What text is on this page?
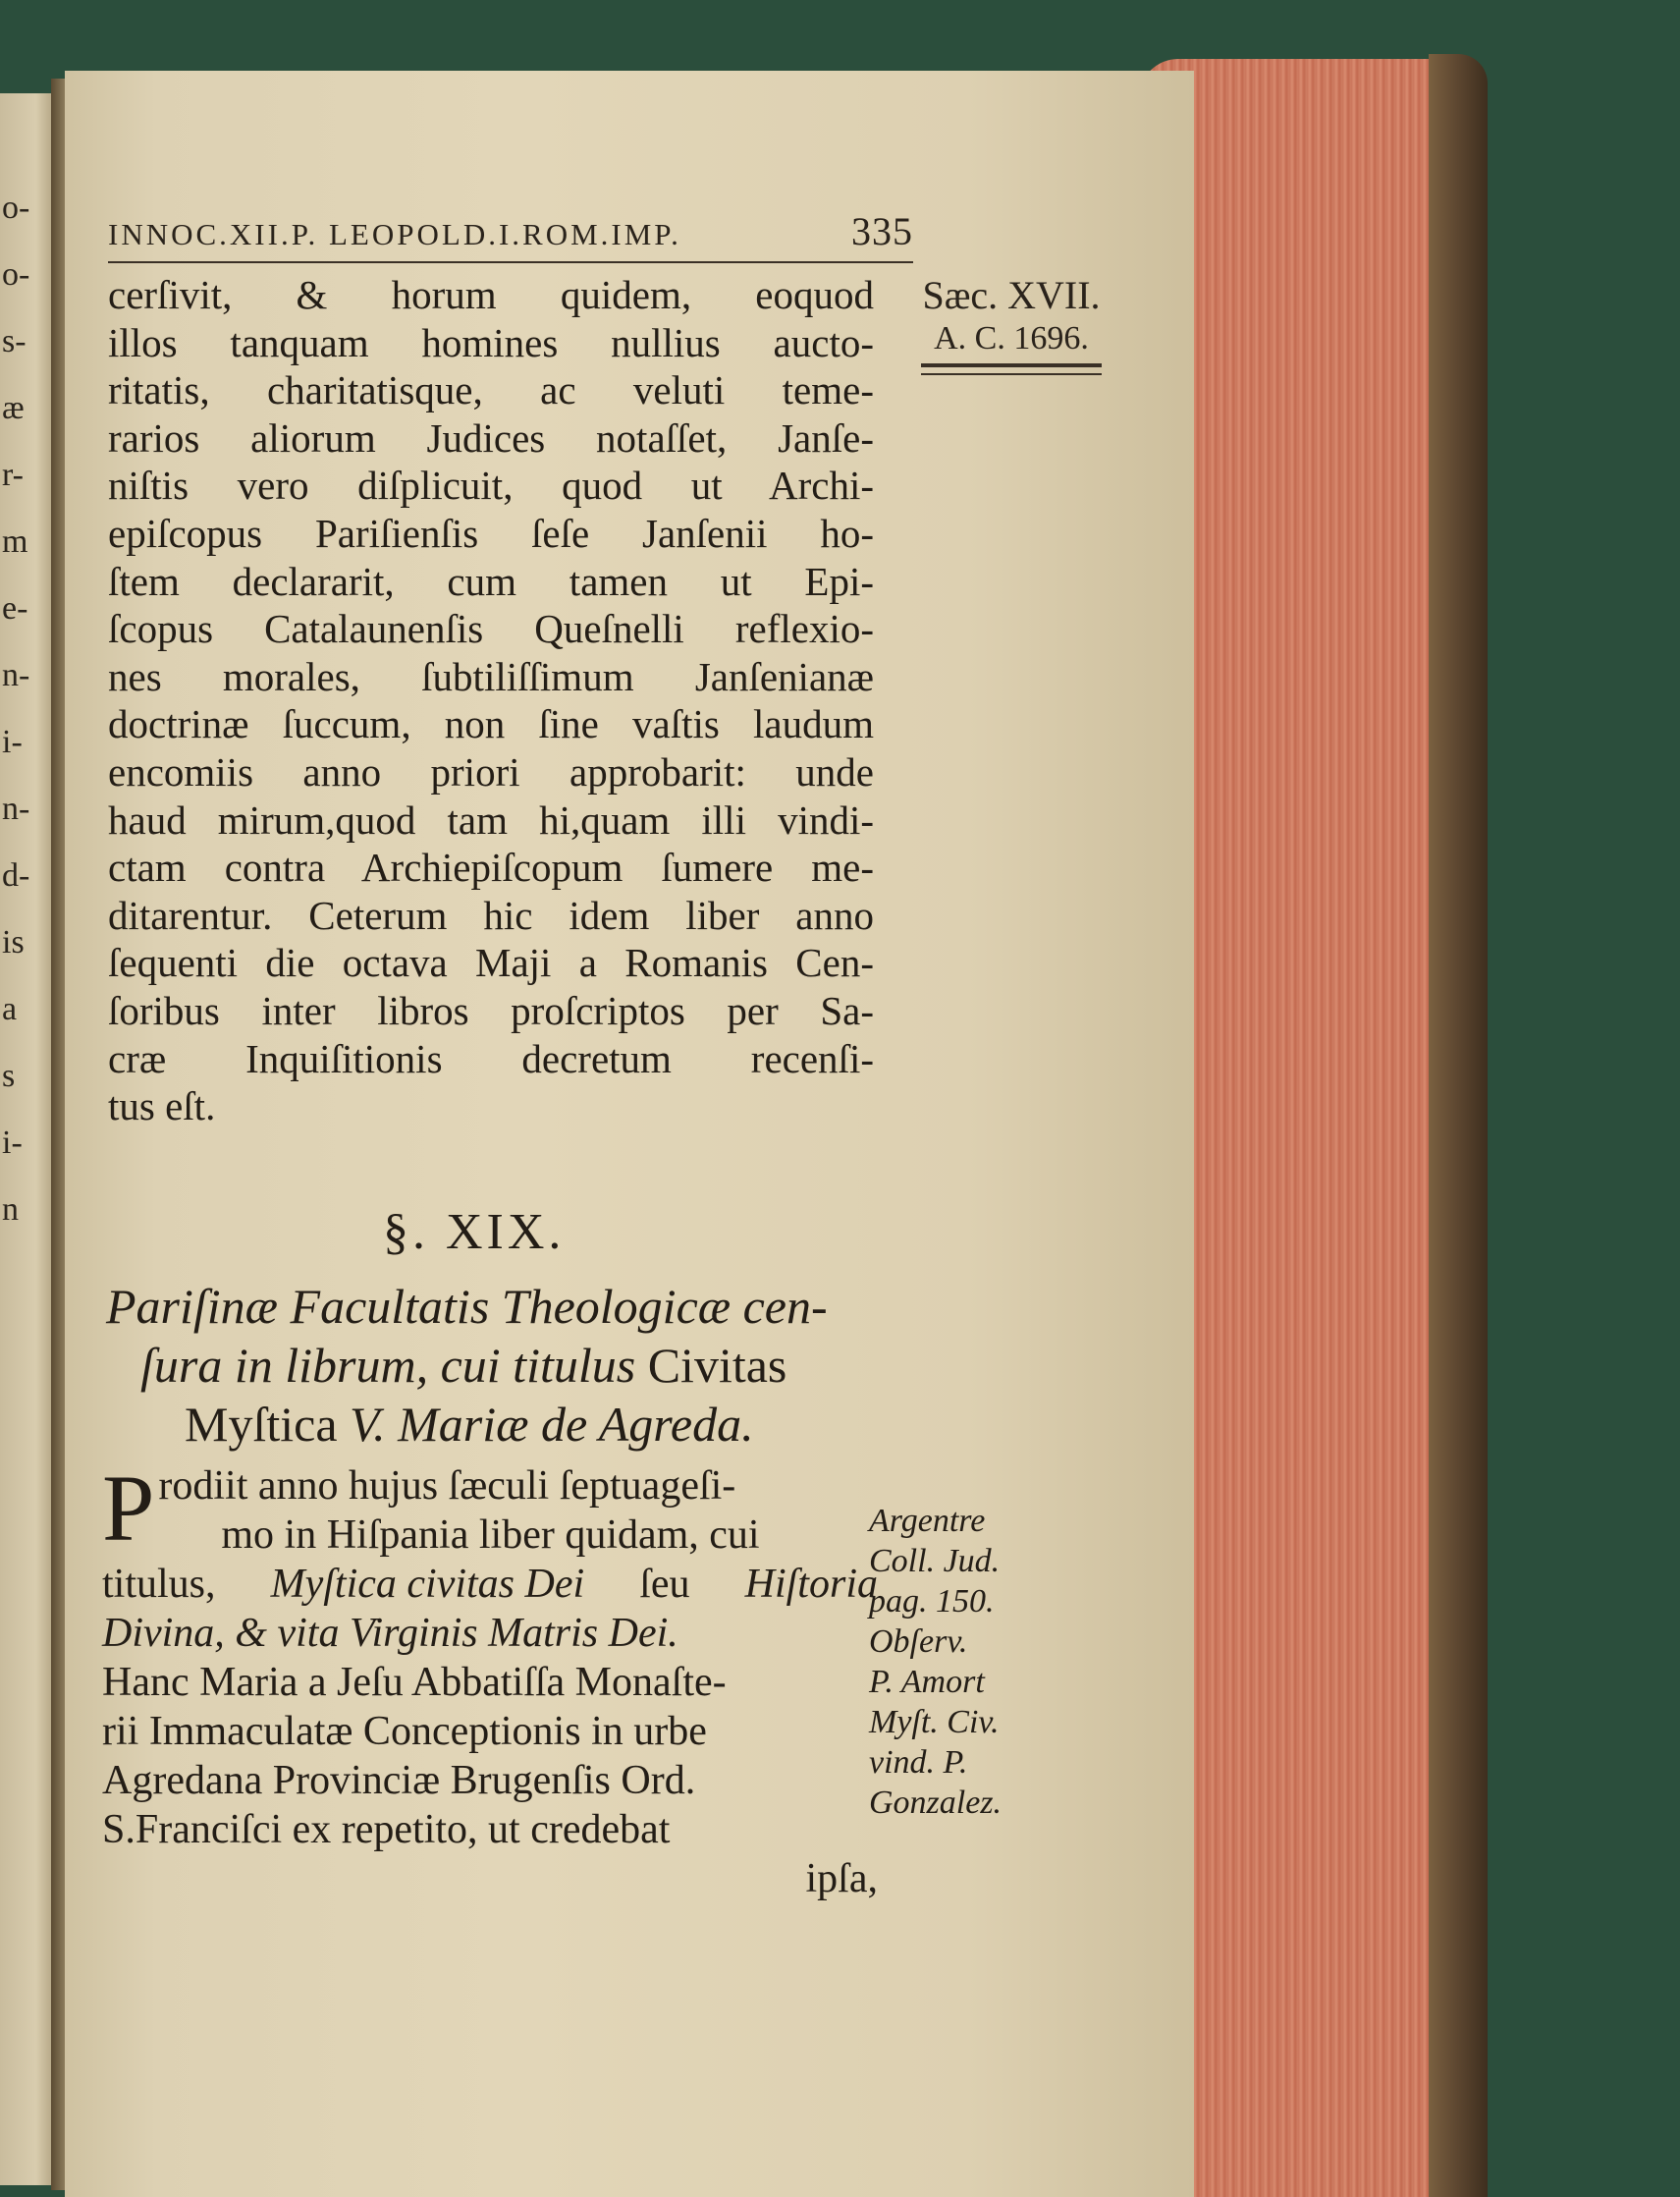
o-
o-
s-
æ
r-
m
e-
n-
i-
n-
d-
is
a
s
i-
n
INNOC.XII.P. LEOPOLD.I.ROM.IMP.	335
Sæc. XVII.
A. C. 1696.
cerſivit, & horum quidem, eoquod
illos tanquam homines nullius aucto-
ritatis, charitatisque, ac veluti teme-
rarios aliorum Judices notaſſet, Janſe-
niſtis vero diſplicuit, quod ut Archi-
epiſcopus Pariſienſis ſeſe Janſenii ho-
ſtem declararit, cum tamen ut Epi-
ſcopus Catalaunenſis Queſnelli reflexio-
nes morales, ſubtiliſſimum Janſenianæ
doctrinæ ſuccum, non ſine vaſtis laudum
encomiis anno priori approbarit: unde
haud mirum,quod tam hi,quam illi vindi-
ctam contra Archiepiſcopum ſumere me-
ditarentur. Ceterum hic idem liber anno
ſequenti die octava Maji a Romanis Cen-
ſoribus inter libros proſcriptos per Sa-
cræ Inquiſitionis decretum recenſi-
tus eſt.
§. XIX.
Pariſinæ Facultatis Theologicæ cen-
ſura in librum, cui titulus Civitas
Myſtica V. Mariæ de Agreda.
P rodiit anno hujus ſæculi ſeptuageſi-
mo in Hiſpania liber quidam, cui
titulus, Myſtica civitas Dei ſeu Hiſtoria
Divina, & vita Virginis Matris Dei.
Hanc Maria a Jeſu Abbatiſſa Monaſte-
rii Immaculatæ Conceptionis in urbe
Agredana Provinciæ Brugenſis Ord.
S.Franciſci ex repetito, ut credebat
ipſa,
Argentre
Coll. Jud.
pag. 150.
Obſerv.
P. Amort
Myſt. Civ.
vind. P.
Gonzalez.
